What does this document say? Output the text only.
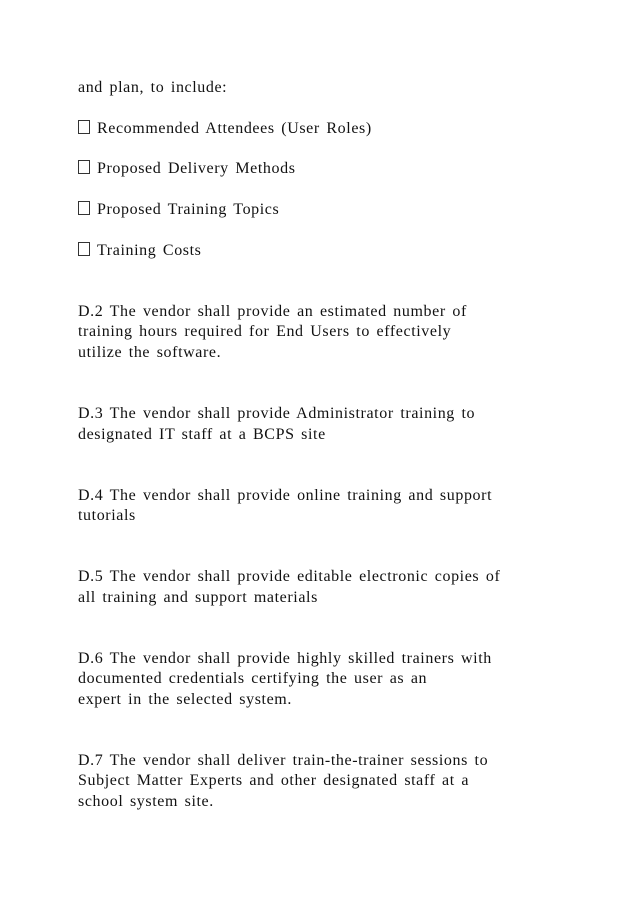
and plan, to include:
Recommended Attendees (User Roles)
Proposed Delivery Methods
Proposed Training Topics
Training Costs
D.2 The vendor shall provide an estimated number of
training hours required for End Users to effectively
utilize the software.
D.3 The vendor shall provide Administrator training to
designated IT staff at a BCPS site
D.4 The vendor shall provide online training and support
tutorials
D.5 The vendor shall provide editable electronic copies of
all training and support materials
D.6 The vendor shall provide highly skilled trainers with
documented credentials certifying the user as an
expert in the selected system.
D.7 The vendor shall deliver train-the-trainer sessions to
Subject Matter Experts and other designated staff at a
school system site.
